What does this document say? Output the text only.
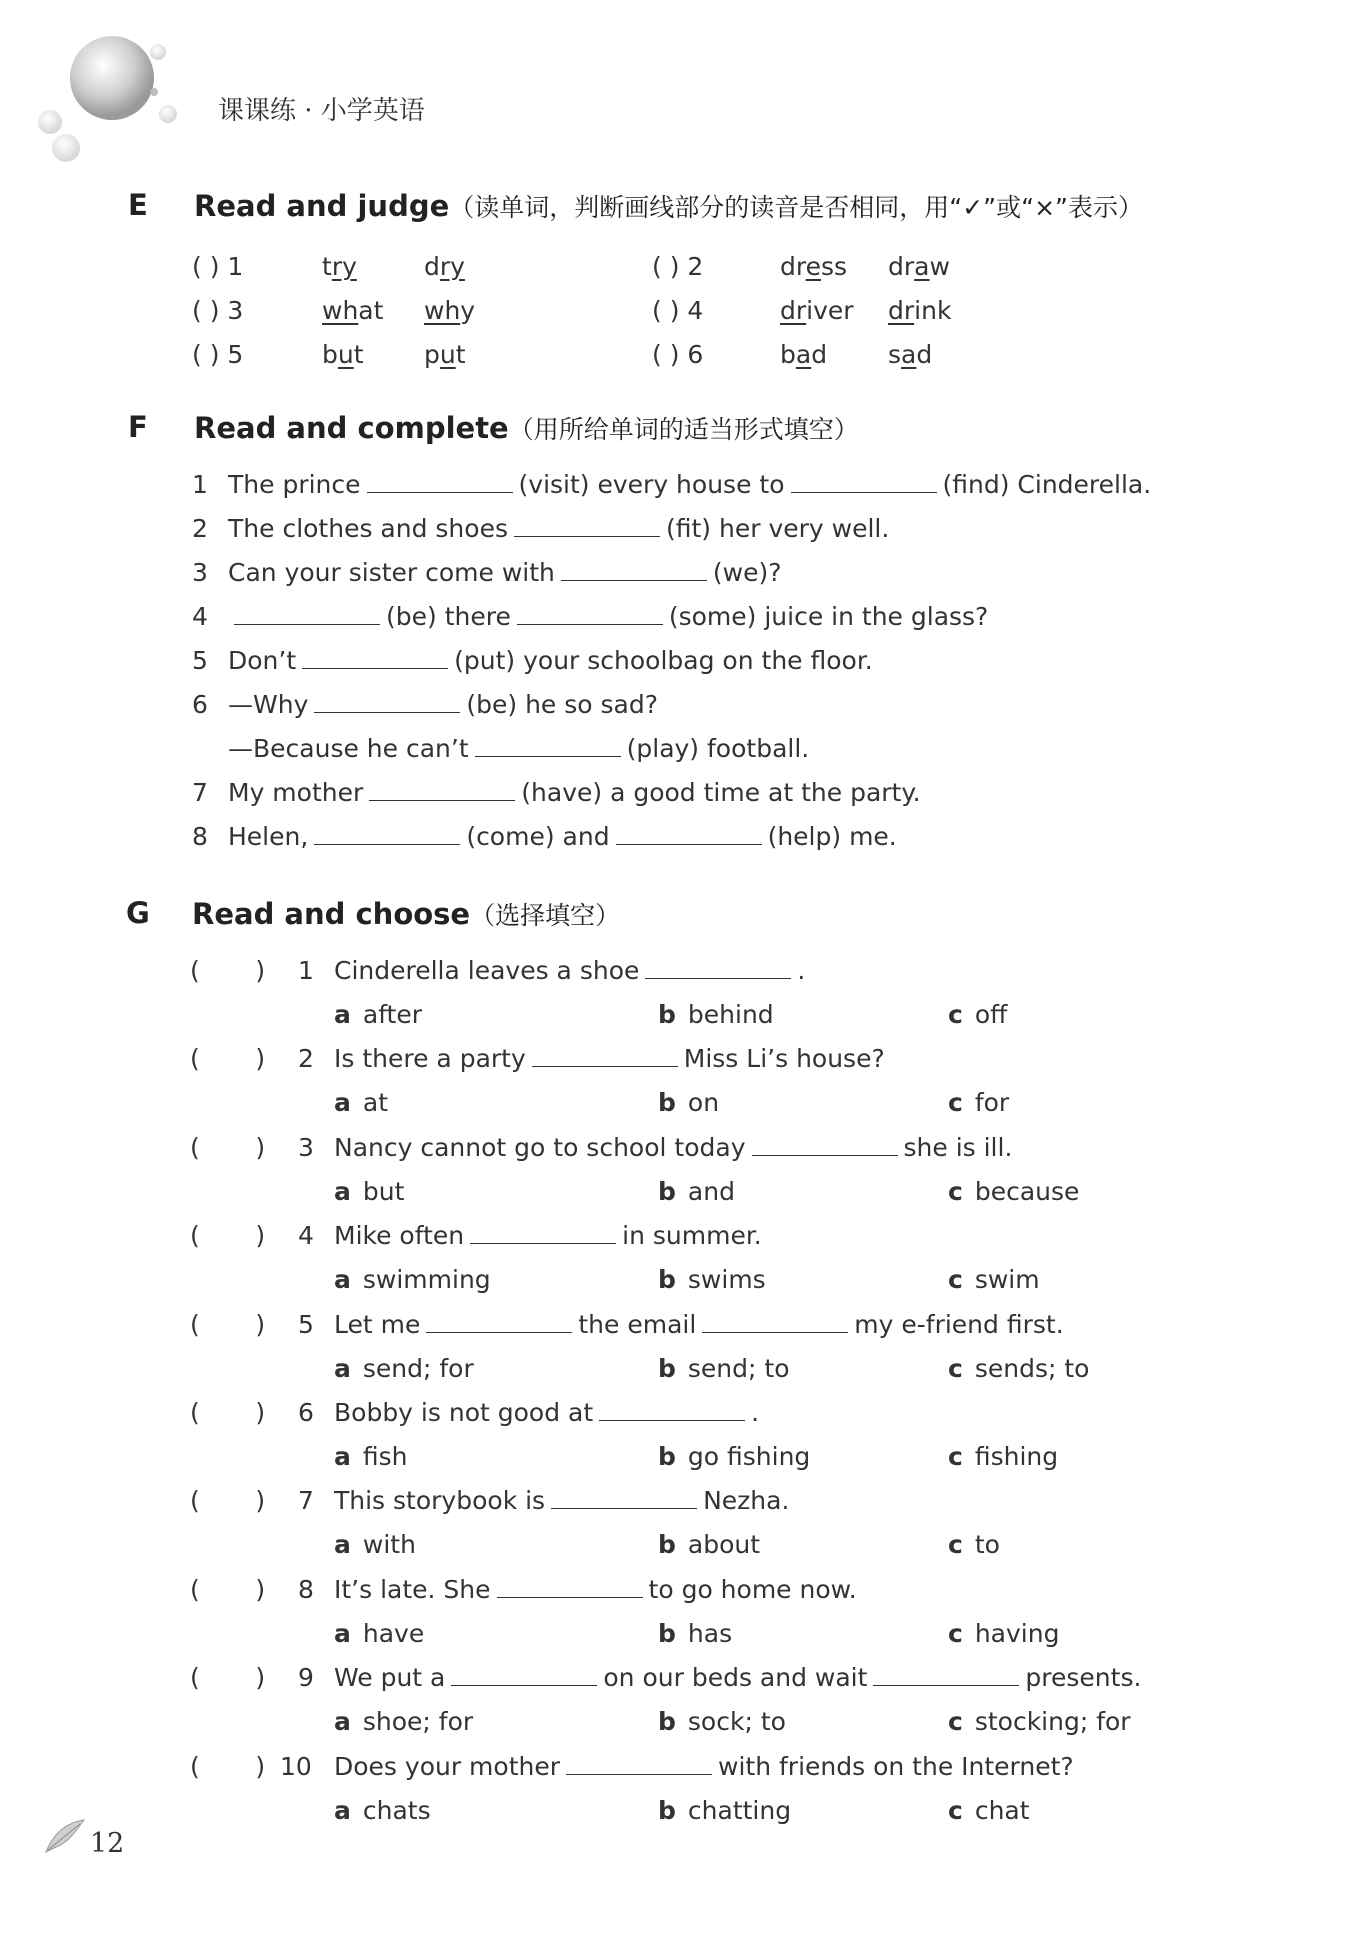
课课练 · 小学英语
E Read and judge（读单词，判断画线部分的读音是否相同，用“✓”或“×”表示）
( ) 1	try	dry	( ) 2	dress draw
( ) 3	what why	( ) 4	driver drink
( ) 5	but put	( ) 6	bad sad
F Read and complete（用所给单词的适当形式填空）
1 The prince	(visit) every house to	(find) Cinderella.
2 The clothes and shoes	(fit) her very well.
3 Can your sister come with	(we)?
4	(be) there	(some) juice in the glass?
5 Don’t	(put) your schoolbag on the floor.
6 —Why	(be) he so sad?
—Because he can’t	(play) football.
7 My mother	(have) a good time at the party.
8 Helen,	(come) and	(help) me.
G Read and choose（选择填空）
(       ) 1 Cinderella leaves a shoe	.
a after	b behind	c off
(       ) 2 Is there a party	Miss Li’s house?
a at	b on	c for
(       ) 3 Nancy cannot go to school today	she is ill.
a but	b and	c because
(       ) 4 Mike often	in summer.
a swimming	b swims	c swim
(       ) 5 Let me	the email	my e-friend first.
a send; for	b send; to	c sends; to
(       ) 6 Bobby is not good at	.
a fish	b go fishing	c fishing
(       ) 7 This storybook is	Nezha.
a with	b about	c to
(       ) 8 It’s late. She	to go home now.
a have	b has	c having
(       ) 9 We put a	on our beds and wait	presents.
a shoe; for	b sock; to	c stocking; for
(       ) 10 Does your mother	with friends on the Internet?
a chats	b chatting	c chat
12
